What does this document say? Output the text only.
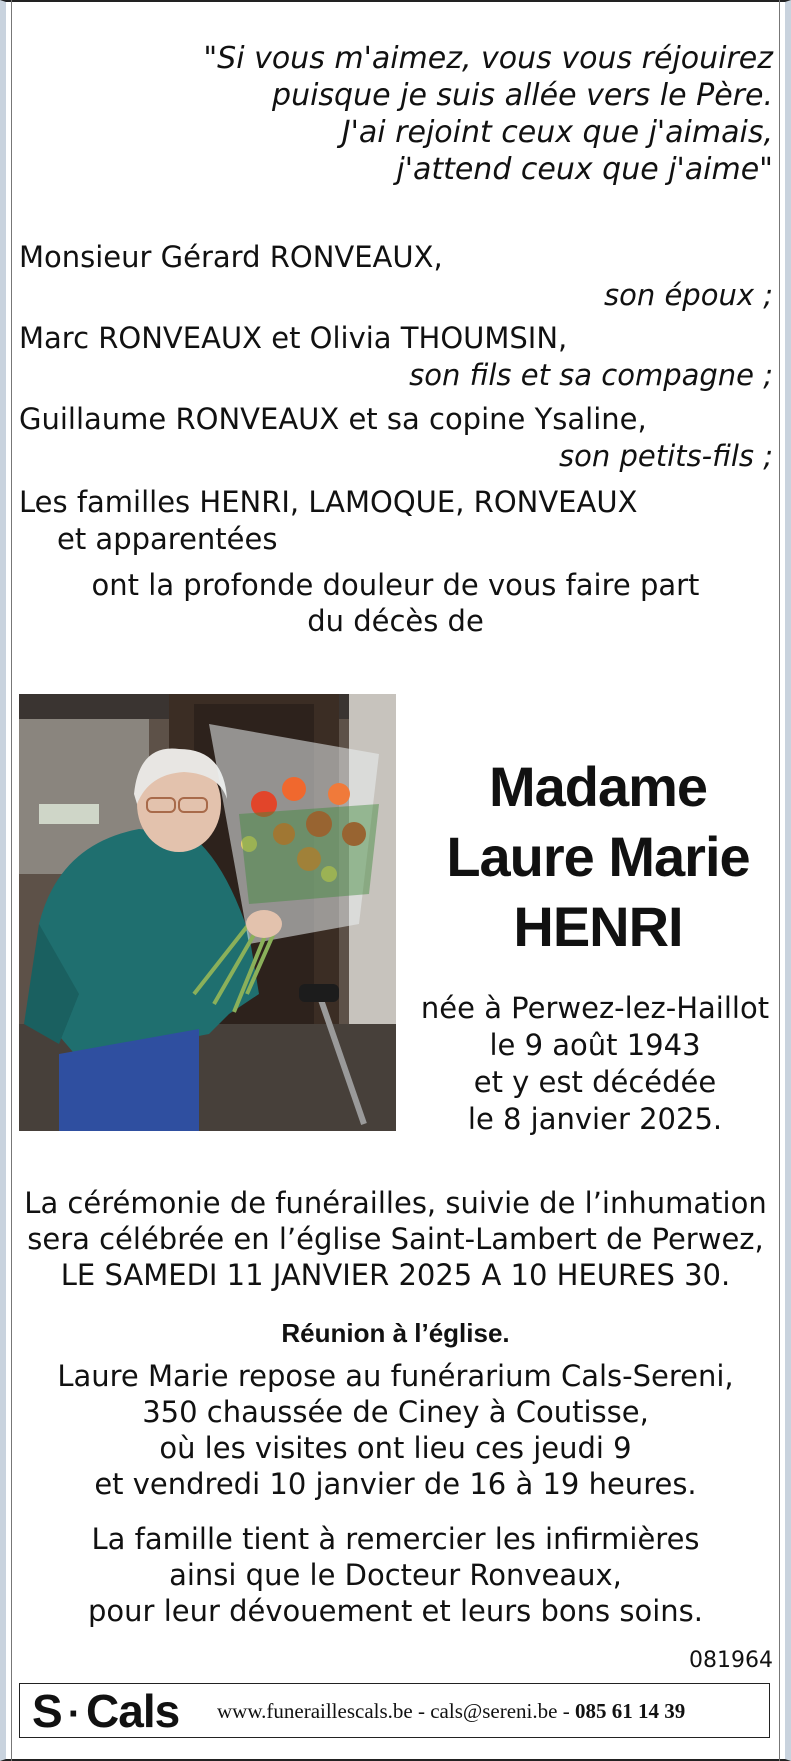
"Si vous m'aimez, vous vous réjouirez
puisque je suis allée vers le Père.
J'ai rejoint ceux que j'aimais,
j'attend ceux que j'aime"
Monsieur Gérard RONVEAUX,
son époux ;
Marc RONVEAUX et Olivia THOUMSIN,
son fils et sa compagne ;
Guillaume RONVEAUX et sa copine Ysaline,
son petits-fils ;
Les familles HENRI, LAMOQUE, RONVEAUX
et apparentées
ont la profonde douleur de vous faire part
du décès de
Madame
Laure Marie
HENRI
née à Perwez-lez-Haillot
le 9 août 1943
et y est décédée
le 8 janvier 2025.
La cérémonie de funérailles, suivie de l’inhumation
sera célébrée en l’église Saint-Lambert de Perwez,
LE SAMEDI 11 JANVIER 2025 A 10 HEURES 30.
Réunion à l’église.
Laure Marie repose au funérarium Cals-Sereni,
350 chaussée de Ciney à Coutisse,
où les visites ont lieu ces jeudi 9
et vendredi 10 janvier de 16 à 19 heures.
La famille tient à remercier les infirmières
ainsi que le Docteur Ronveaux,
pour leur dévouement et leurs bons soins.
081964
S · Cals www.funeraillescals.be - cals@sereni.be - 085 61 14 39
